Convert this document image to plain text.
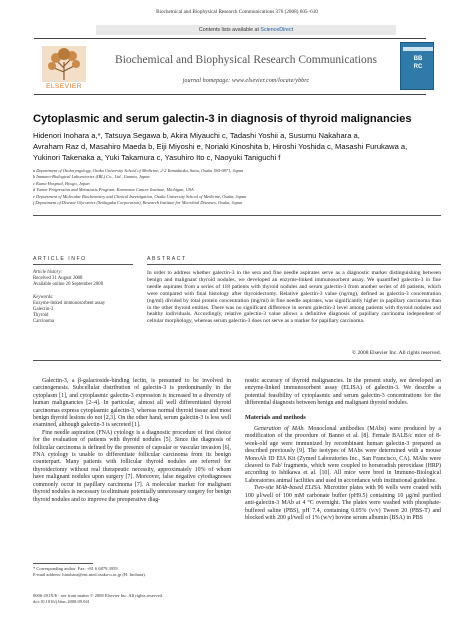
Biochemical and Biophysical Research Communications 376 (2008) 605–610
Contents lists available at ScienceDirect
ELSEVIER
Biochemical and Biophysical Research Communications
journal homepage: www.elsevier.com/locate/ybbrc
BBRC
Cytoplasmic and serum galectin-3 in diagnosis of thyroid malignancies
Hidenori Inohara a,*, Tatsuya Segawa b, Akira Miyauchi c, Tadashi Yoshii a, Susumu Nakahara a,
Avraham Raz d, Masahiro Maeda b, Eiji Miyoshi e, Noriaki Kinoshita b, Hiroshi Yoshida c, Masashi Furukawa a,
Yukinori Takenaka a, Yuki Takamura c, Yasuhiro Ito c, Naoyuki Taniguchi f
a Department of Otolaryngology, Osaka University School of Medicine, 2-2 Yamadaoka, Suita, Osaka 565-0871, Japan
b Immuno-Biological Laboratories (IBL) Co., Ltd., Gunma, Japan
c Kuma Hospital, Hyogo, Japan
d Tumor Progression and Metastasis Program, Karmanos Cancer Institute, Michigan, USA
e Department of Molecular Biochemistry and Clinical Investigation, Osaka University School of Medicine, Osaka, Japan
f Department of Disease Glycomics (Seikagaku Corporation), Research Institute for Microbial Diseases, Osaka, Japan
ARTICLE INFO	ABSTRACT
Article history:
Received 31 August 2008
Available online 20 September 2008
Keywords:
Enzyme-linked immunosorbent assay
Galectin-3
Thyroid
Carcinoma
In order to address whether galectin-3 in the sera and fine needle aspirates serve as a diagnostic marker distinguishing between benign and malignant thyroid nodules, we developed an enzyme-linked immunosorbent assay. We quantified galectin-3 in fine needle aspirates from a series of 118 patients with thyroid nodules and serum galectin-3 from another series of 46 patients, which were compared with final histology after thyroidectomy. Relative galectin-3 value (ng/mg), defined as galectin-3 concentration (ng/ml) divided by total protein concentration (mg/ml) in fine needle aspirates, was significantly higher in papillary carcinoma than in the other thyroid entities. There was no significant difference in serum galectin-3 level among patients with thyroid nodules and healthy individuals. Accordingly, relative galectin-3 value allows a definitive diagnosis of papillary carcinoma independent of cellular morphology, whereas serum galectin-3 does not serve as a marker for papillary carcinoma.
© 2008 Elsevier Inc. All rights reserved.

Galectin-3, a β-galactoside-binding lectin, is presumed to be involved in carcinogenesis. Subcellular distribution of galectin-3 is predominantly in the cytoplasm [1], and cytoplasmic galectin-3 expression is increased in a diversity of human malignancies [2–4]. In particular, almost all well differentiated thyroid carcinomas express cytoplasmic galectin-3, whereas normal thyroid tissue and most benign thyroid lesions do not [2,3]. On the other hand, serum galectin-3 is less well examined, although galectin-3 is secreted [1].

Fine needle aspiration (FNA) cytology is a diagnostic procedure of first choice for the evaluation of patients with thyroid nodules [5]. Since the diagnosis of follicular carcinoma is defined by the presence of capsular or vascular invasion [6], FNA cytology is unable to differentiate follicular carcinoma from its benign counterpart. Many patients with follicular thyroid nodules are referred for thyroidectomy without real therapeutic necessity, approximately 10% of whom have malignant nodules upon surgery [7]. Moreover, false negative cytodiagnoses commonly occur in papillary carcinoma [7]. A molecular marker for malignant thyroid nodules is necessary to eliminate potentially unnecessary surgery for benign thyroid nodules and to improve the preoperative diag-

nostic accuracy of thyroid malignancies. In the present study, we developed an enzyme-linked immunosorbent assay (ELISA) of galectin-3. We describe a potential feasibility of cytoplasmic and serum galectin-3 concentrations for the differential diagnosis between benign and malignant thyroid nodules.

Materials and methods

Generation of MAb. Monoclonal antibodies (MAbs) were produced by a modification of the procedure of Banno et al. [8]. Female BALB/c mice of 8-week-old age were immunized by recombinant human galectin-3 prepared as described previously [9]. The isotypes of MAbs were determined with a mouse MonoAb ID EIA Kit (Zymed Laboratories Inc., San Francisco, CA). MAbs were cleaved to Fab' fragments, which were coupled to horseradish peroxidase (HRP) according to Ishikawa et al. [10]. All mice were bred in Immuno-Biological Laboratories animal facilities and used in accordance with institutional guideline.

Two-site MAb-based ELISA. Microtiter plates with 96 wells were coated with 100 μl/well of 100 mM carbonate buffer (pH9.5) containing 10 μg/ml purified anti-galectin-3 MAb at 4 °C overnight. The plates were washed with phosphate-buffered saline (PBS), pH 7.4, containing 0.05% (v/v) Tween 20 (PBS-T) and blocked with 200 μl/well of 1% (w/v) bovine serum albumin (BSA) in PBS

* Corresponding author. Fax: +81 6 6879 3959.
E-mail address: hinohara@ent.med.osaka-u.ac.jp (H. Inohara).
0006-291X/$ - see front matter © 2008 Elsevier Inc. All rights reserved.
doi:10.1016/j.bbrc.2008.09.041
